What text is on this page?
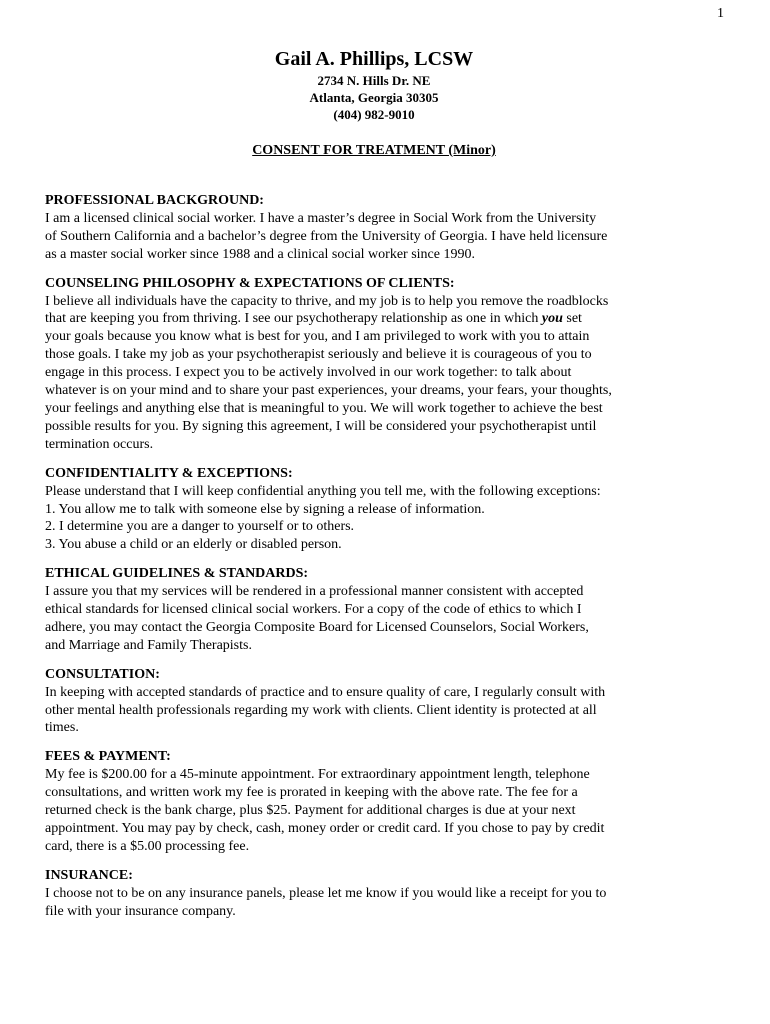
1
Gail A. Phillips, LCSW
2734 N. Hills Dr. NE
Atlanta, Georgia 30305
(404) 982-9010
CONSENT FOR TREATMENT (Minor)
PROFESSIONAL BACKGROUND:
I am a licensed clinical social worker. I have a master’s degree in Social Work from the University
of Southern California and a bachelor’s degree from the University of Georgia. I have held licensure
as a master social worker since 1988 and a clinical social worker since 1990.
COUNSELING PHILOSOPHY & EXPECTATIONS OF CLIENTS:
I believe all individuals have the capacity to thrive, and my job is to help you remove the roadblocks
that are keeping you from thriving. I see our psychotherapy relationship as one in which you set
your goals because you know what is best for you, and I am privileged to work with you to attain
those goals. I take my job as your psychotherapist seriously and believe it is courageous of you to
engage in this process. I expect you to be actively involved in our work together: to talk about
whatever is on your mind and to share your past experiences, your dreams, your fears, your thoughts,
your feelings and anything else that is meaningful to you. We will work together to achieve the best
possible results for you. By signing this agreement, I will be considered your psychotherapist until
termination occurs.
CONFIDENTIALITY & EXCEPTIONS:
Please understand that I will keep confidential anything you tell me, with the following exceptions:
1. You allow me to talk with someone else by signing a release of information.
2. I determine you are a danger to yourself or to others.
3. You abuse a child or an elderly or disabled person.
ETHICAL GUIDELINES & STANDARDS:
I assure you that my services will be rendered in a professional manner consistent with accepted
ethical standards for licensed clinical social workers. For a copy of the code of ethics to which I
adhere, you may contact the Georgia Composite Board for Licensed Counselors, Social Workers,
and Marriage and Family Therapists.
CONSULTATION:
In keeping with accepted standards of practice and to ensure quality of care, I regularly consult with
other mental health professionals regarding my work with clients. Client identity is protected at all
times.
FEES & PAYMENT:
My fee is $200.00 for a 45-minute appointment. For extraordinary appointment length, telephone
consultations, and written work my fee is prorated in keeping with the above rate. The fee for a
returned check is the bank charge, plus $25. Payment for additional charges is due at your next
appointment. You may pay by check, cash, money order or credit card. If you chose to pay by credit
card, there is a $5.00 processing fee.
INSURANCE:
I choose not to be on any insurance panels, please let me know if you would like a receipt for you to
file with your insurance company.
